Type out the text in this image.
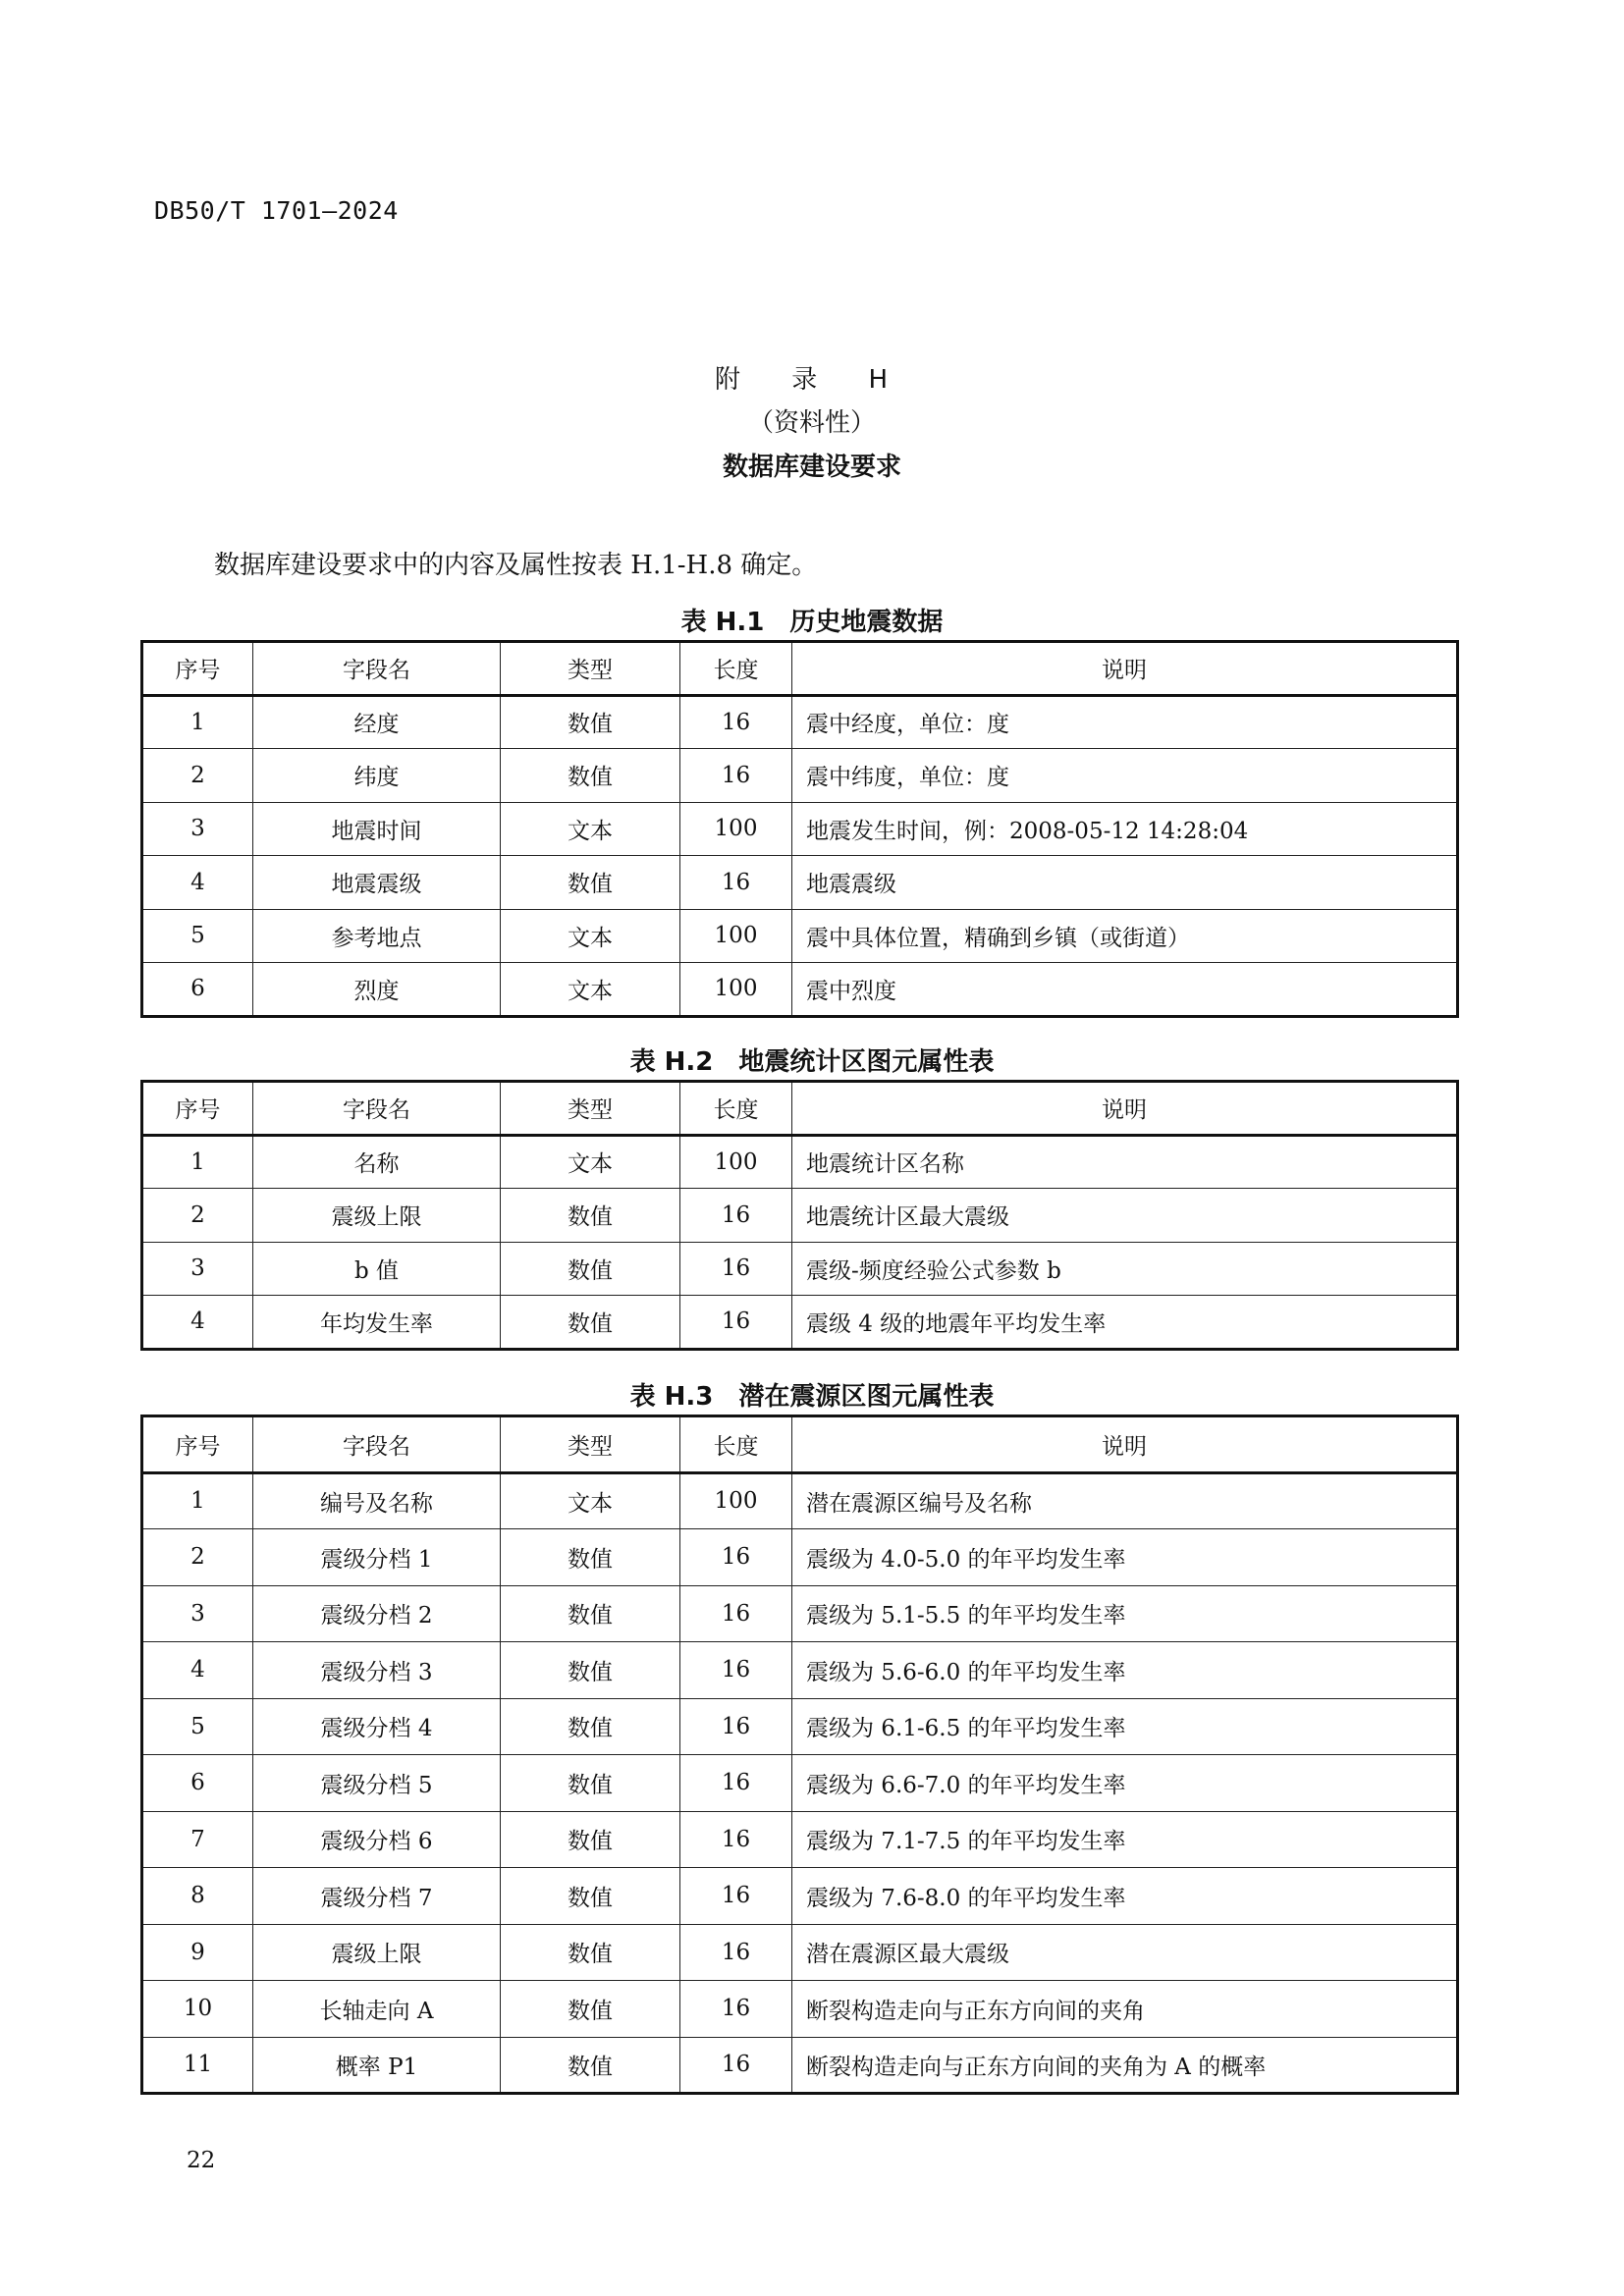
DB50/T 1701—2024
附 录 H
（资料性）
数据库建设要求
数据库建设要求中的内容及属性按表 H.1-H.8 确定。
表 H.1　历史地震数据
序号	字段名	类型	长度	说明
1	经度	数值	16	震中经度，单位：度
2	纬度	数值	16	震中纬度，单位：度
3	地震时间	文本	100	地震发生时间，例：2008-05-12 14:28:04
4	地震震级	数值	16	地震震级
5	参考地点	文本	100	震中具体位置，精确到乡镇（或街道）
6	烈度	文本	100	震中烈度
表 H.2　地震统计区图元属性表
序号	字段名	类型	长度	说明
1	名称	文本	100	地震统计区名称
2	震级上限	数值	16	地震统计区最大震级
3	b 值	数值	16	震级-频度经验公式参数 b
4	年均发生率	数值	16	震级 4 级的地震年平均发生率
表 H.3　潜在震源区图元属性表
序号	字段名	类型	长度	说明
1	编号及名称	文本	100	潜在震源区编号及名称
2	震级分档 1	数值	16	震级为 4.0-5.0 的年平均发生率
3	震级分档 2	数值	16	震级为 5.1-5.5 的年平均发生率
4	震级分档 3	数值	16	震级为 5.6-6.0 的年平均发生率
5	震级分档 4	数值	16	震级为 6.1-6.5 的年平均发生率
6	震级分档 5	数值	16	震级为 6.6-7.0 的年平均发生率
7	震级分档 6	数值	16	震级为 7.1-7.5 的年平均发生率
8	震级分档 7	数值	16	震级为 7.6-8.0 的年平均发生率
9	震级上限	数值	16	潜在震源区最大震级
10	长轴走向 A	数值	16	断裂构造走向与正东方向间的夹角
11	概率 P1	数值	16	断裂构造走向与正东方向间的夹角为 A 的概率
22
